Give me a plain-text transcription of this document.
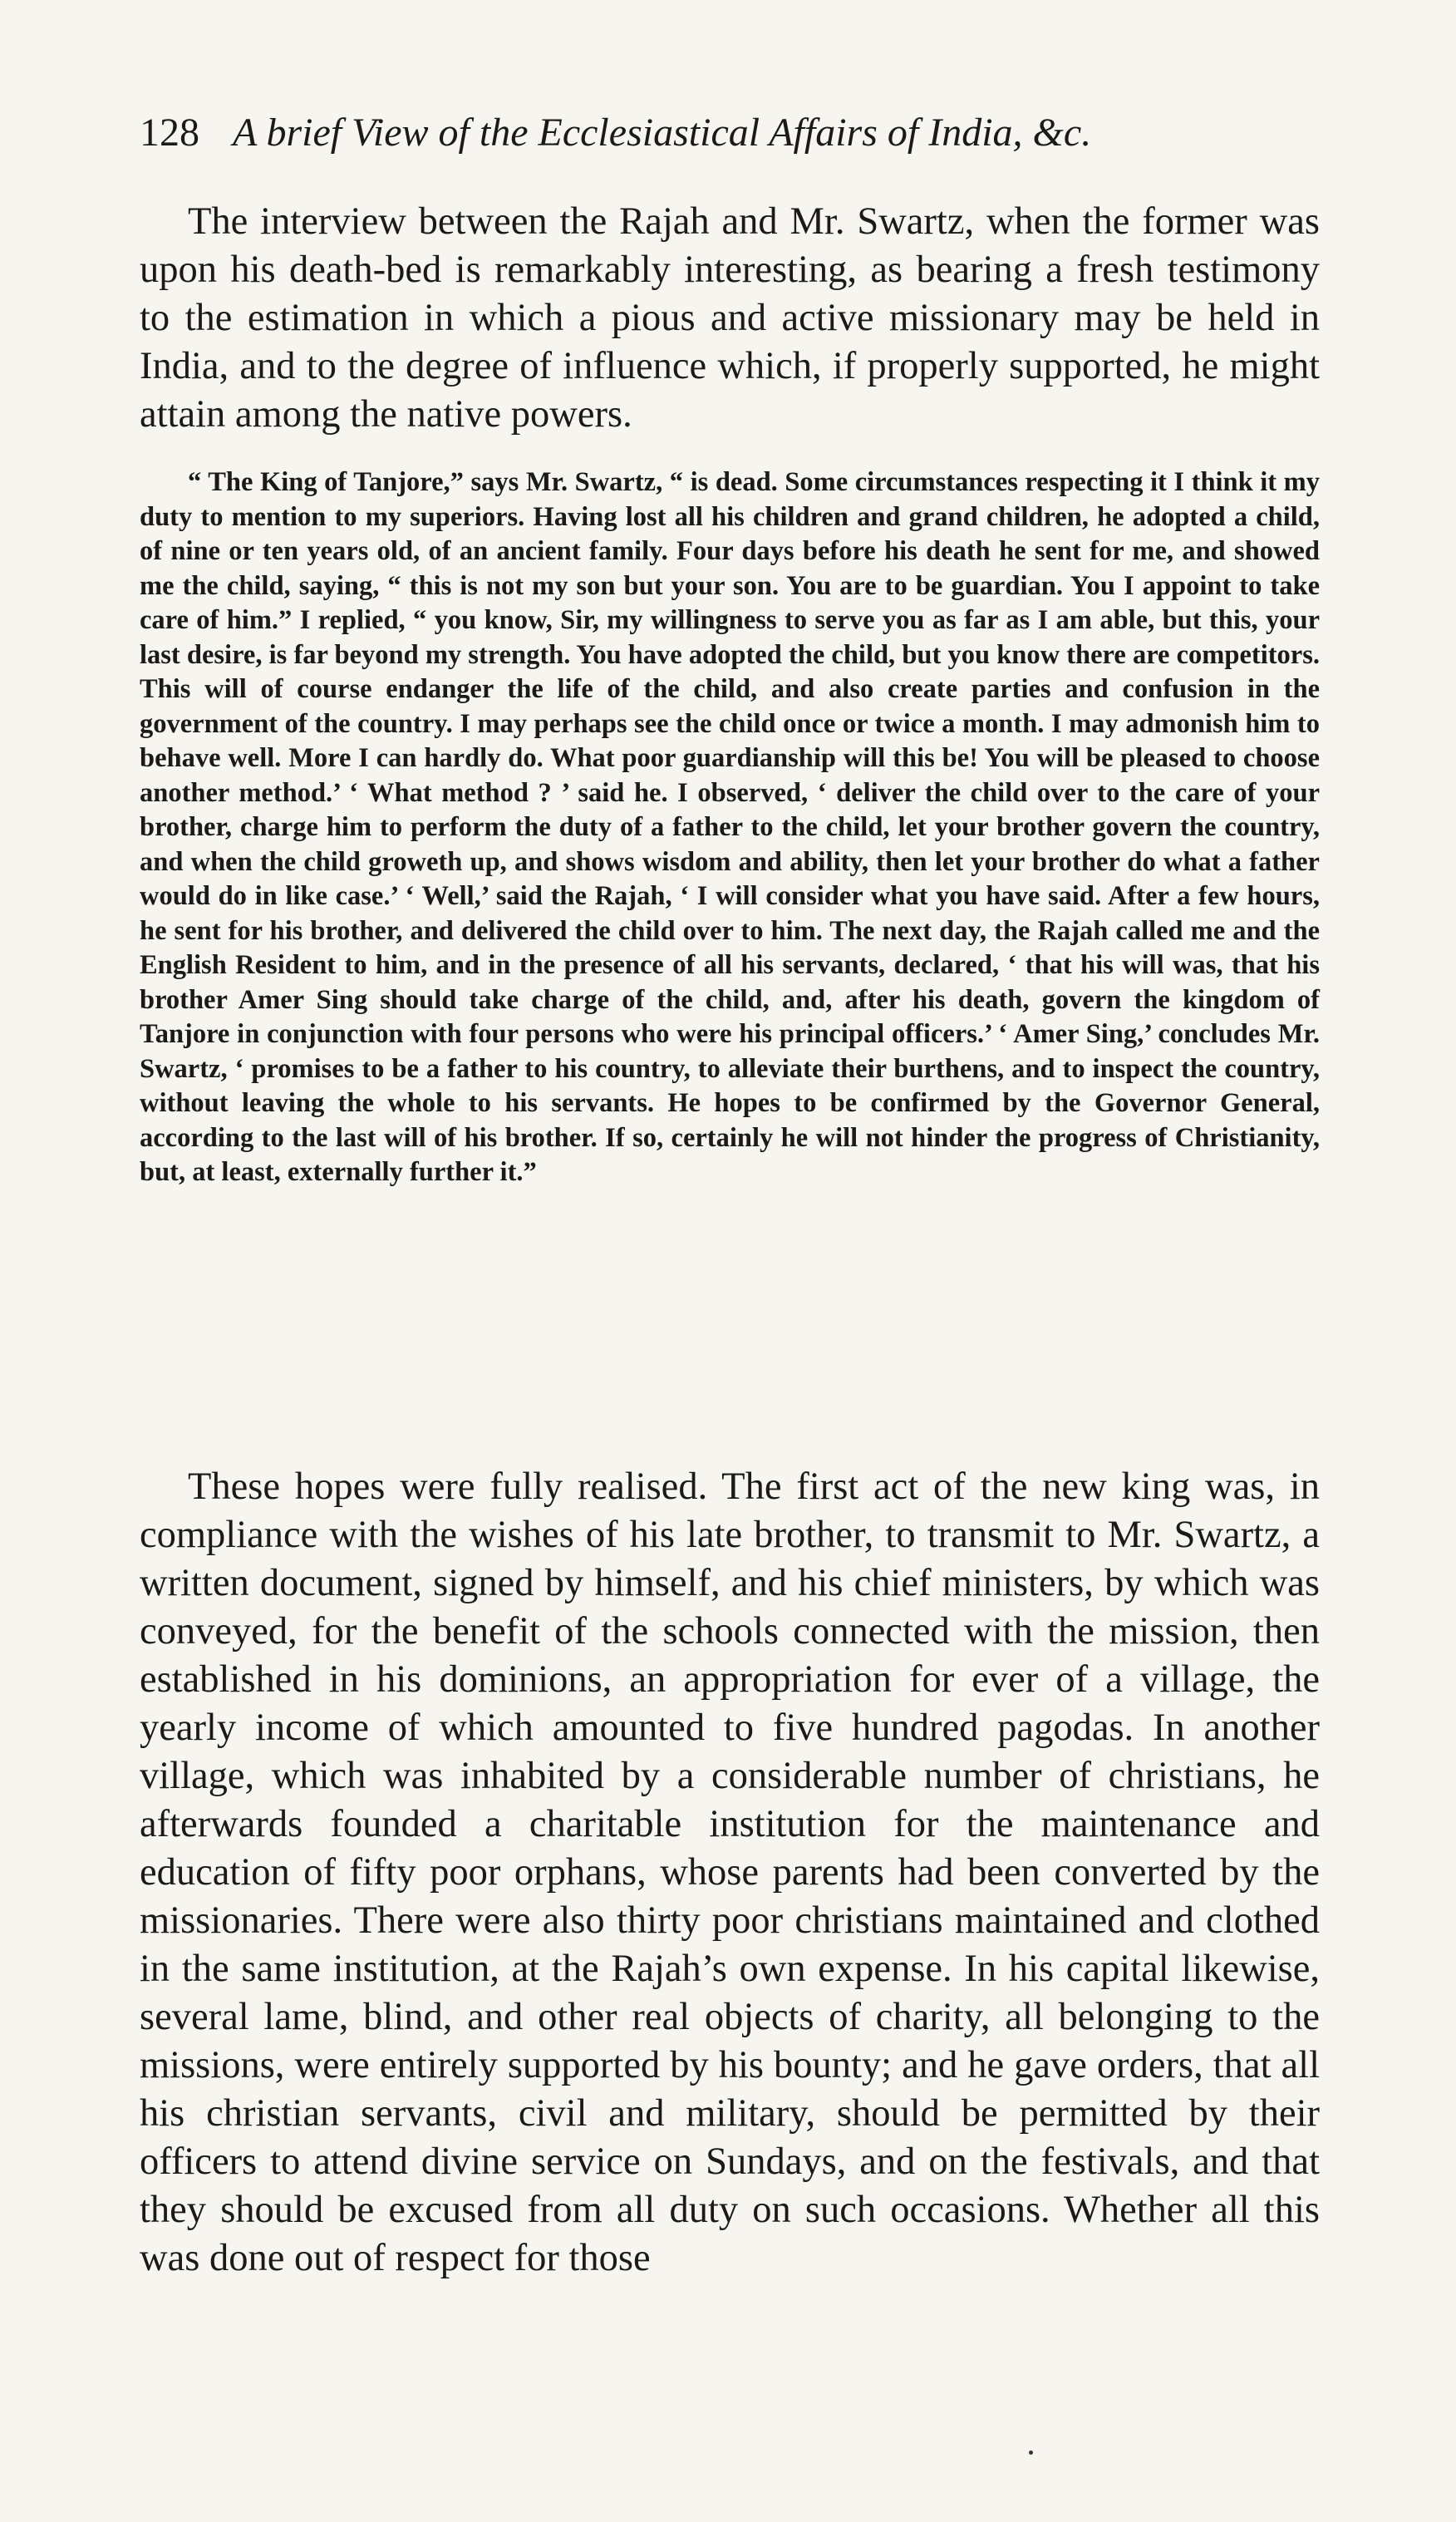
128 A brief View of the Ecclesiastical Affairs of India, &c.

The interview between the Rajah and Mr. Swartz, when the former was upon his death-bed is remarkably interesting, as bearing a fresh testimony to the estimation in which a pious and active missionary may be held in India, and to the degree of influence which, if properly supported, he might attain among the native powers.

“ The King of Tanjore,” says Mr. Swartz, “ is dead. Some circumstances respecting it I think it my duty to mention to my superiors. Having lost all his children and grand children, he adopted a child, of nine or ten years old, of an ancient family. Four days before his death he sent for me, and showed me the child, saying, “ this is not my son but your son. You are to be guardian. You I appoint to take care of him.” I replied, “ you know, Sir, my willingness to serve you as far as I am able, but this, your last desire, is far beyond my strength. You have adopted the child, but you know there are competitors. This will of course endanger the life of the child, and also create parties and confusion in the government of the country. I may perhaps see the child once or twice a month. I may admonish him to behave well. More I can hardly do. What poor guardianship will this be! You will be pleased to choose another method.’ ‘ What method ? ’ said he. I observed, ‘ deliver the child over to the care of your brother, charge him to perform the duty of a father to the child, let your brother govern the country, and when the child groweth up, and shows wisdom and ability, then let your brother do what a father would do in like case.’ ‘ Well,’ said the Rajah, ‘ I will consider what you have said. After a few hours, he sent for his brother, and delivered the child over to him. The next day, the Rajah called me and the English Resident to him, and in the presence of all his servants, declared, ‘ that his will was, that his brother Amer Sing should take charge of the child, and, after his death, govern the kingdom of Tanjore in conjunction with four persons who were his principal officers.’ ‘ Amer Sing,’ concludes Mr. Swartz, ‘ promises to be a father to his country, to alleviate their burthens, and to inspect the country, without leaving the whole to his servants. He hopes to be confirmed by the Governor General, according to the last will of his brother. If so, certainly he will not hinder the progress of Christianity, but, at least, externally further it.”

These hopes were fully realised. The first act of the new king was, in compliance with the wishes of his late brother, to transmit to Mr. Swartz, a written document, signed by himself, and his chief ministers, by which was conveyed, for the benefit of the schools connected with the mission, then established in his dominions, an appropriation for ever of a village, the yearly income of which amounted to five hundred pagodas. In another village, which was inhabited by a considerable number of christians, he afterwards founded a charitable institution for the maintenance and education of fifty poor orphans, whose parents had been converted by the missionaries. There were also thirty poor christians maintained and clothed in the same institution, at the Rajah’s own expense. In his capital likewise, several lame, blind, and other real objects of charity, all belonging to the missions, were entirely supported by his bounty; and he gave orders, that all his christian servants, civil and military, should be permitted by their officers to attend divine service on Sundays, and on the festivals, and that they should be excused from all duty on such occasions. Whether all this was done out of respect for those
